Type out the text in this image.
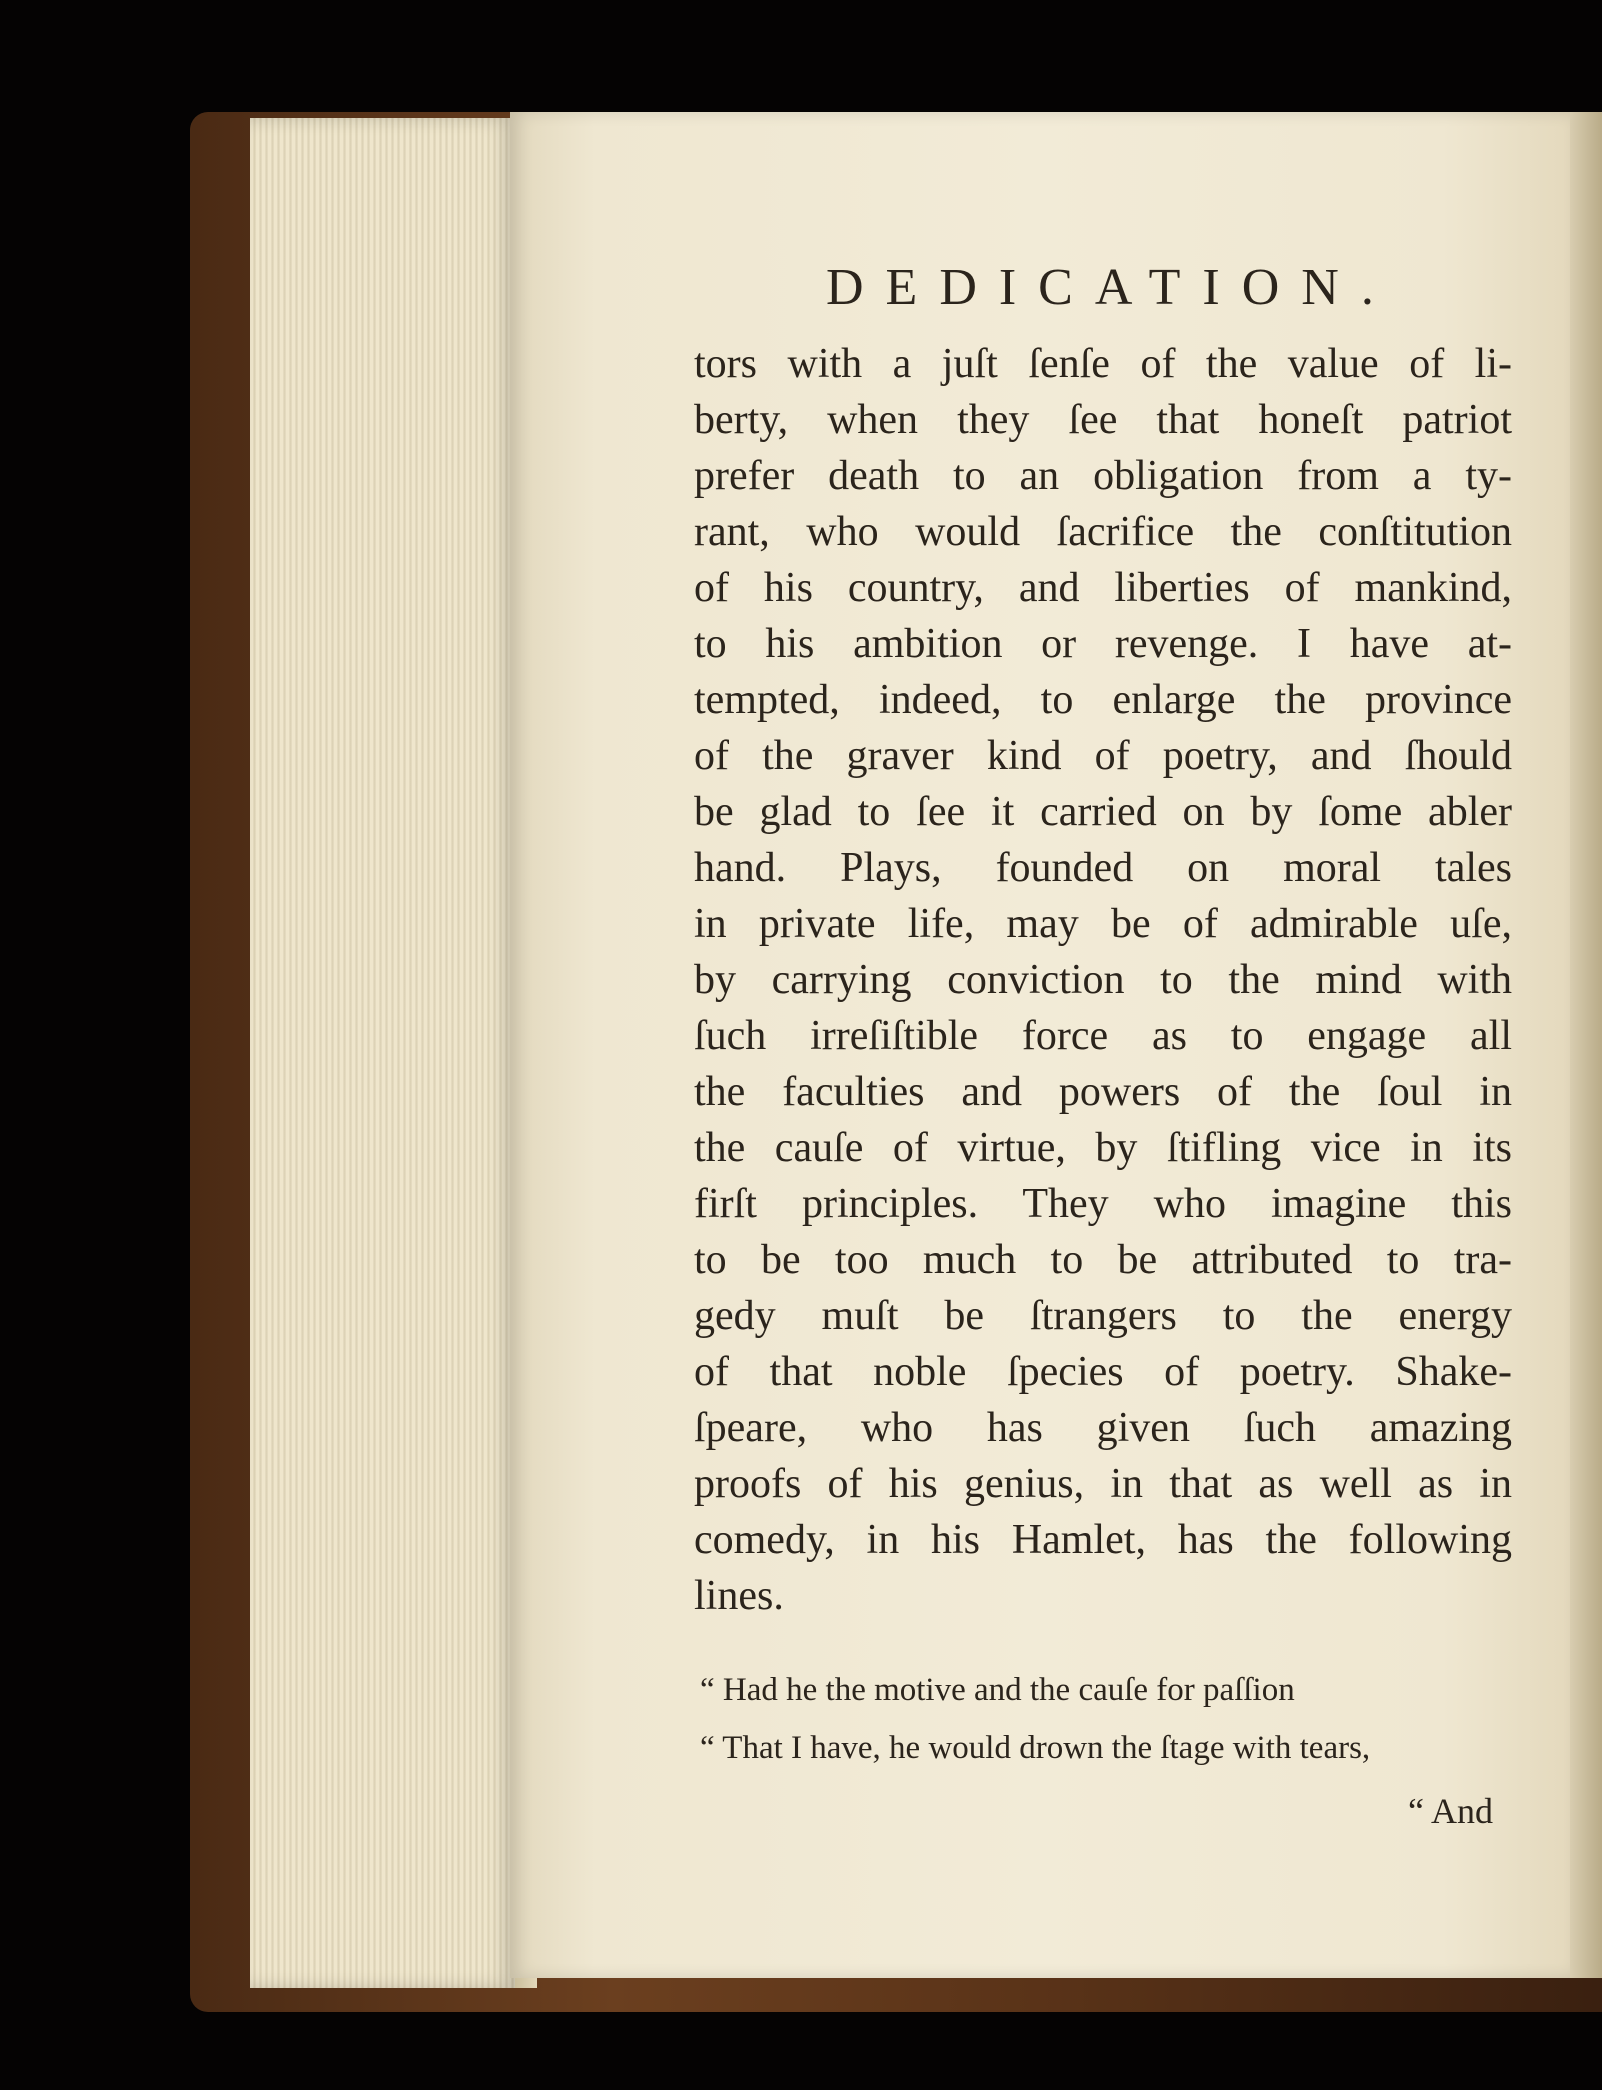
DEDICATION.
tors with a juſt ſenſe of the value of li-
berty, when they ſee that honeſt patriot
prefer death to an obligation from a ty-
rant, who would ſacrifice the conſtitution
of his country, and liberties of mankind,
to his ambition or revenge. I have at-
tempted, indeed, to enlarge the province
of the graver kind of poetry, and ſhould
be glad to ſee it carried on by ſome abler
hand. Plays, founded on moral tales
in private life, may be of admirable uſe,
by carrying conviction to the mind with
ſuch irreſiſtible force as to engage all
the faculties and powers of the ſoul in
the cauſe of virtue, by ſtifling vice in its
firſt principles. They who imagine this
to be too much to be attributed to tra-
gedy muſt be ſtrangers to the energy
of that noble ſpecies of poetry. Shake-
ſpeare, who has given ſuch amazing
proofs of his genius, in that as well as in
comedy, in his Hamlet, has the following
lines.
“ Had he the motive and the cauſe for paſſion
“ That I have, he would drown the ſtage with tears,
“ And
